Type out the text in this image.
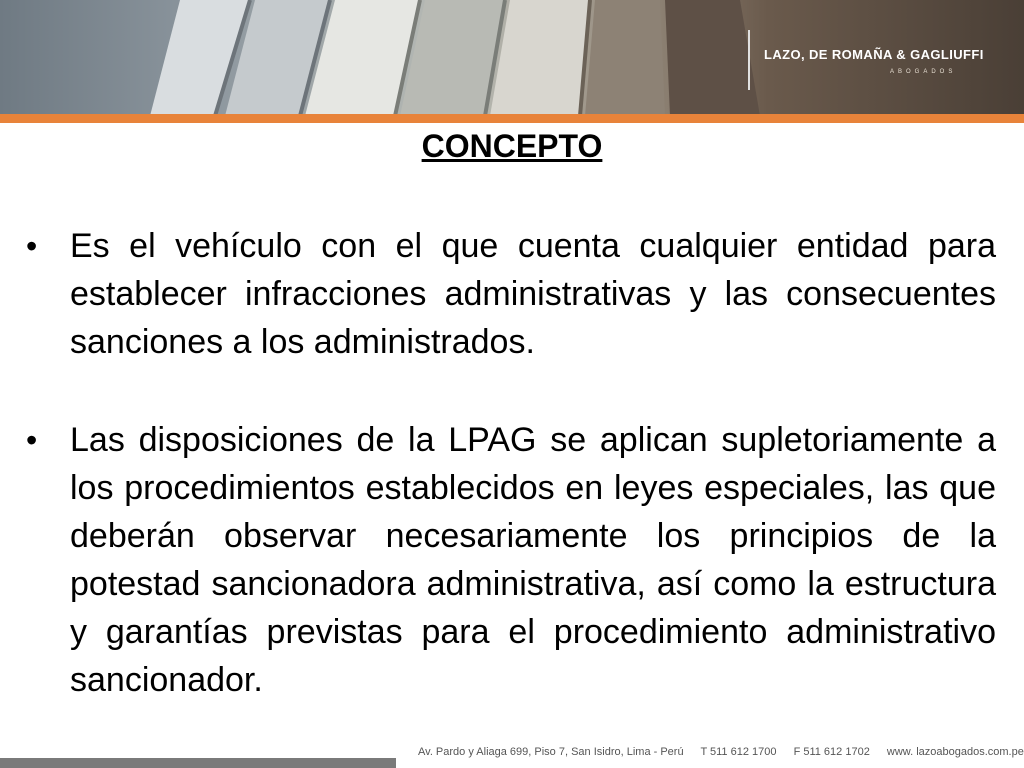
LAZO, DE ROMAÑA & GAGLIUFFI
ABOGADOS
CONCEPTO
• Es el vehículo con el que cuenta cualquier entidad para establecer infracciones administrativas y las consecuentes sanciones a los administrados.
• Las disposiciones de la LPAG se aplican supletoriamente a los procedimientos establecidos en leyes especiales, las que deberán observar necesariamente los principios de la potestad sancionadora administrativa, así como la estructura y garantías previstas para el procedimiento administrativo sancionador.
Av. Pardo y Aliaga 699, Piso 7, San Isidro, Lima - Perú T 511 612 1700 F 511 612 1702 www. lazoabogados.com.pe
